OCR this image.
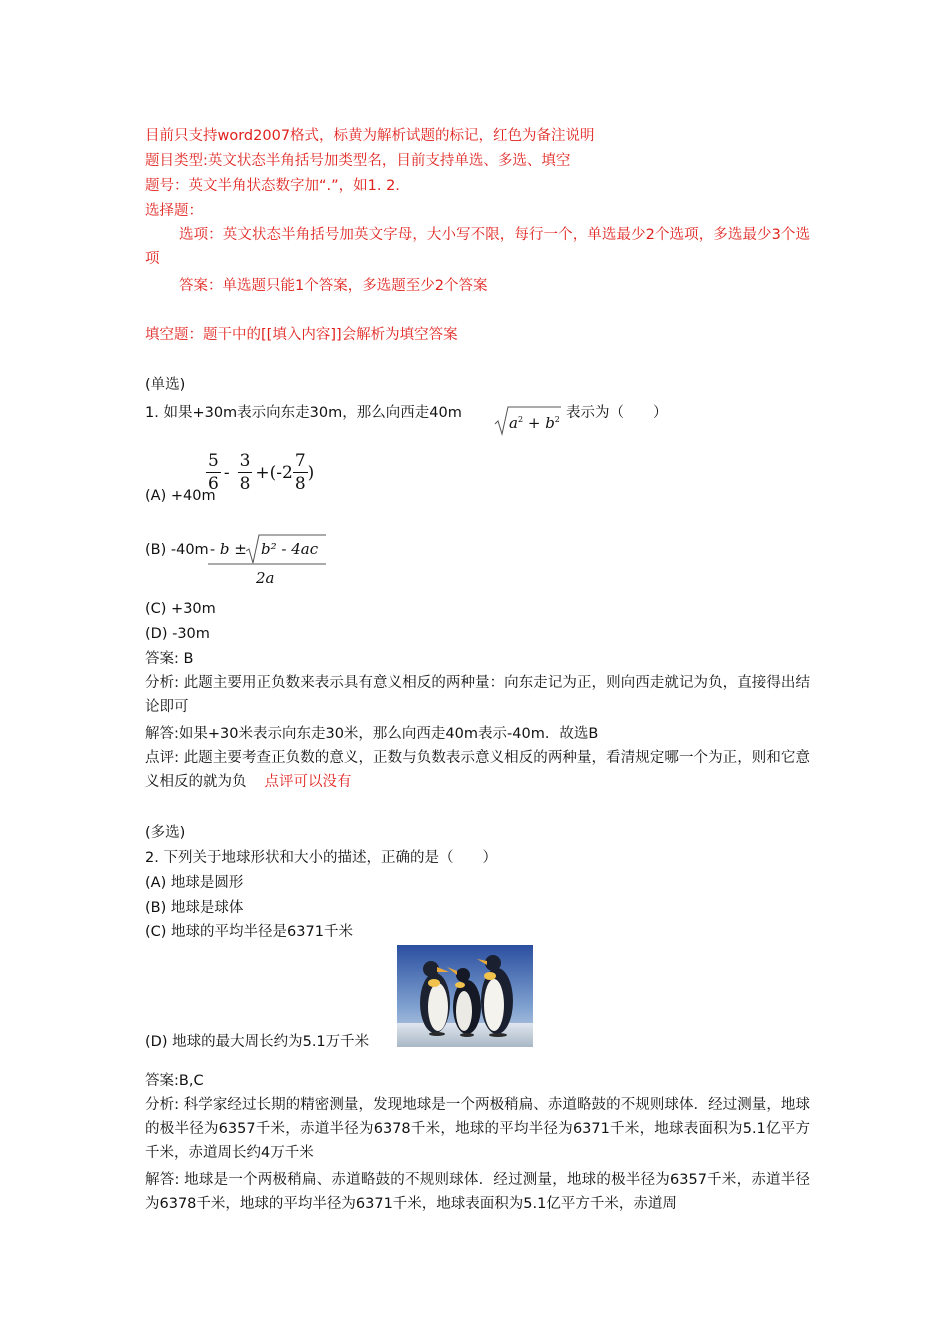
目前只支持word2007格式，标黄为解析试题的标记，红色为备注说明
题目类型:英文状态半角括号加类型名，目前支持单选、多选、填空
题号：英文半角状态数字加“.”，如1. 2.
选择题：
选项：英文状态半角括号加英文字母，大小写不限，每行一个，单选最少2个选项，多选最少3个选项
答案：单选题只能1个答案，多选题至少2个答案
填空题：题干中的[[填入内容]]会解析为填空答案
(单选)
1. 如果+30m表示向东走30m，那么向西走40m
$a^2 + b^2$ 表示为（　　）
$\frac{5}{6} - \frac{3}{8} +(-2 \frac{7}{8}$ )
(A) +40m
(B) -40m - b ± b² - 4ac
2a
(C) +30m
(D) -30m
答案: B
分析: 此题主要用正负数来表示具有意义相反的两种量：向东走记为正，则向西走就记为负，直接得出结论即可
解答:如果+30米表示向东走30米，那么向西走40m表示-40m．故选B
点评: 此题主要考查正负数的意义，正数与负数表示意义相反的两种量，看清规定哪一个为正，则和它意义相反的就为负 点评可以没有
(多选)
2. 下列关于地球形状和大小的描述，正确的是（　　）
(A) 地球是圆形
(B) 地球是球体
(C) 地球的平均半径是6371千米
(D) 地球的最大周长约为5.1万千米
答案:B,C
分析: 科学家经过长期的精密测量，发现地球是一个两极稍扁、赤道略鼓的不规则球体．经过测量，地球的极半径为6357千米，赤道半径为6378千米，地球的平均半径为6371千米，地球表面积为5.1亿平方千米，赤道周长约4万千米
解答: 地球是一个两极稍扁、赤道略鼓的不规则球体．经过测量，地球的极半径为6357千米，赤道半径为6378千米，地球的平均半径为6371千米，地球表面积为5.1亿平方千米，赤道周
